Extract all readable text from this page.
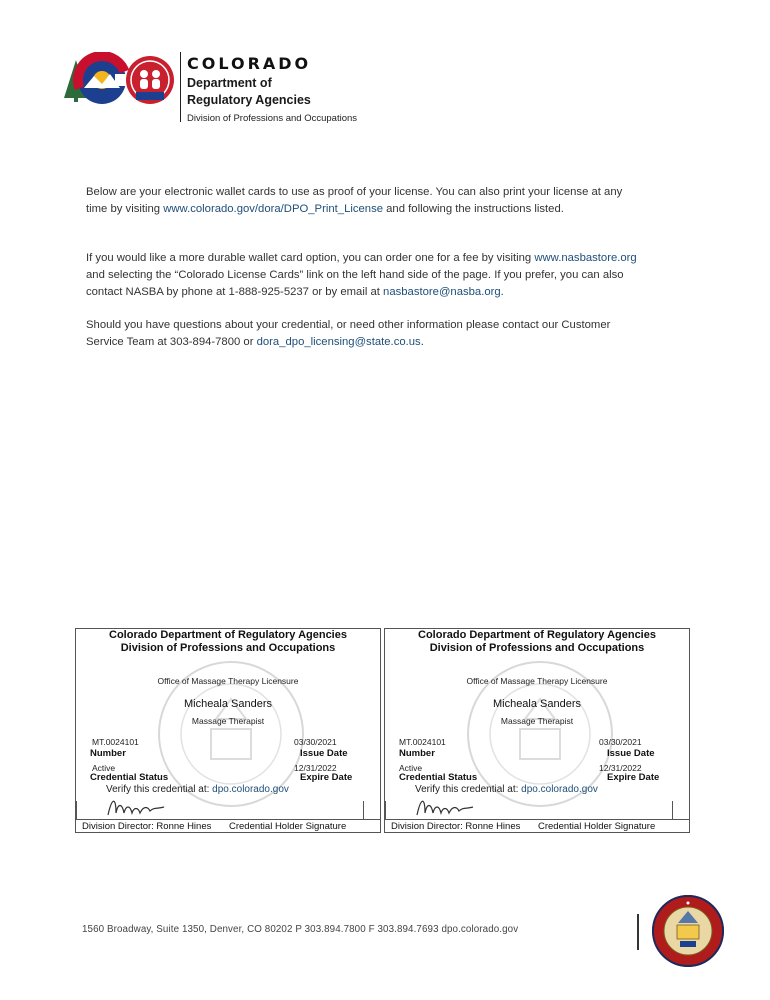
COLORADO
Department of
Regulatory Agencies
Division of Professions and Occupations
Below are your electronic wallet cards to use as proof of your license. You can also print your license at any time by visiting www.colorado.gov/dora/DPO_Print_License and following the instructions listed.
If you would like a more durable wallet card option, you can order one for a fee by visiting www.nasbastore.org and selecting the “Colorado License Cards” link on the left hand side of the page. If you prefer, you can also contact NASBA by phone at 1-888-925-5237 or by email at nasbastore@nasba.org.
Should you have questions about your credential, or need other information please contact our Customer Service Team at 303-894-7800 or dora_dpo_licensing@state.co.us.
Colorado Department of Regulatory Agencies
Division of Professions and Occupations
Office of Massage Therapy Licensure
Micheala Sanders
Massage Therapist
MT.0024101
Number
03/30/2021
Issue Date
Active
Credential Status
12/31/2022
Expire Date
Verify this credential at: dpo.colorado.gov
Division Director: Ronne Hines Credential Holder Signature
Colorado Department of Regulatory Agencies
Division of Professions and Occupations
Office of Massage Therapy Licensure
Micheala Sanders
Massage Therapist
MT.0024101
Number
03/30/2021
Issue Date
Active
Credential Status
12/31/2022
Expire Date
Verify this credential at: dpo.colorado.gov
Division Director: Ronne Hines Credential Holder Signature
1560 Broadway, Suite 1350, Denver, CO 80202 P 303.894.7800 F 303.894.7693 dpo.colorado.gov
